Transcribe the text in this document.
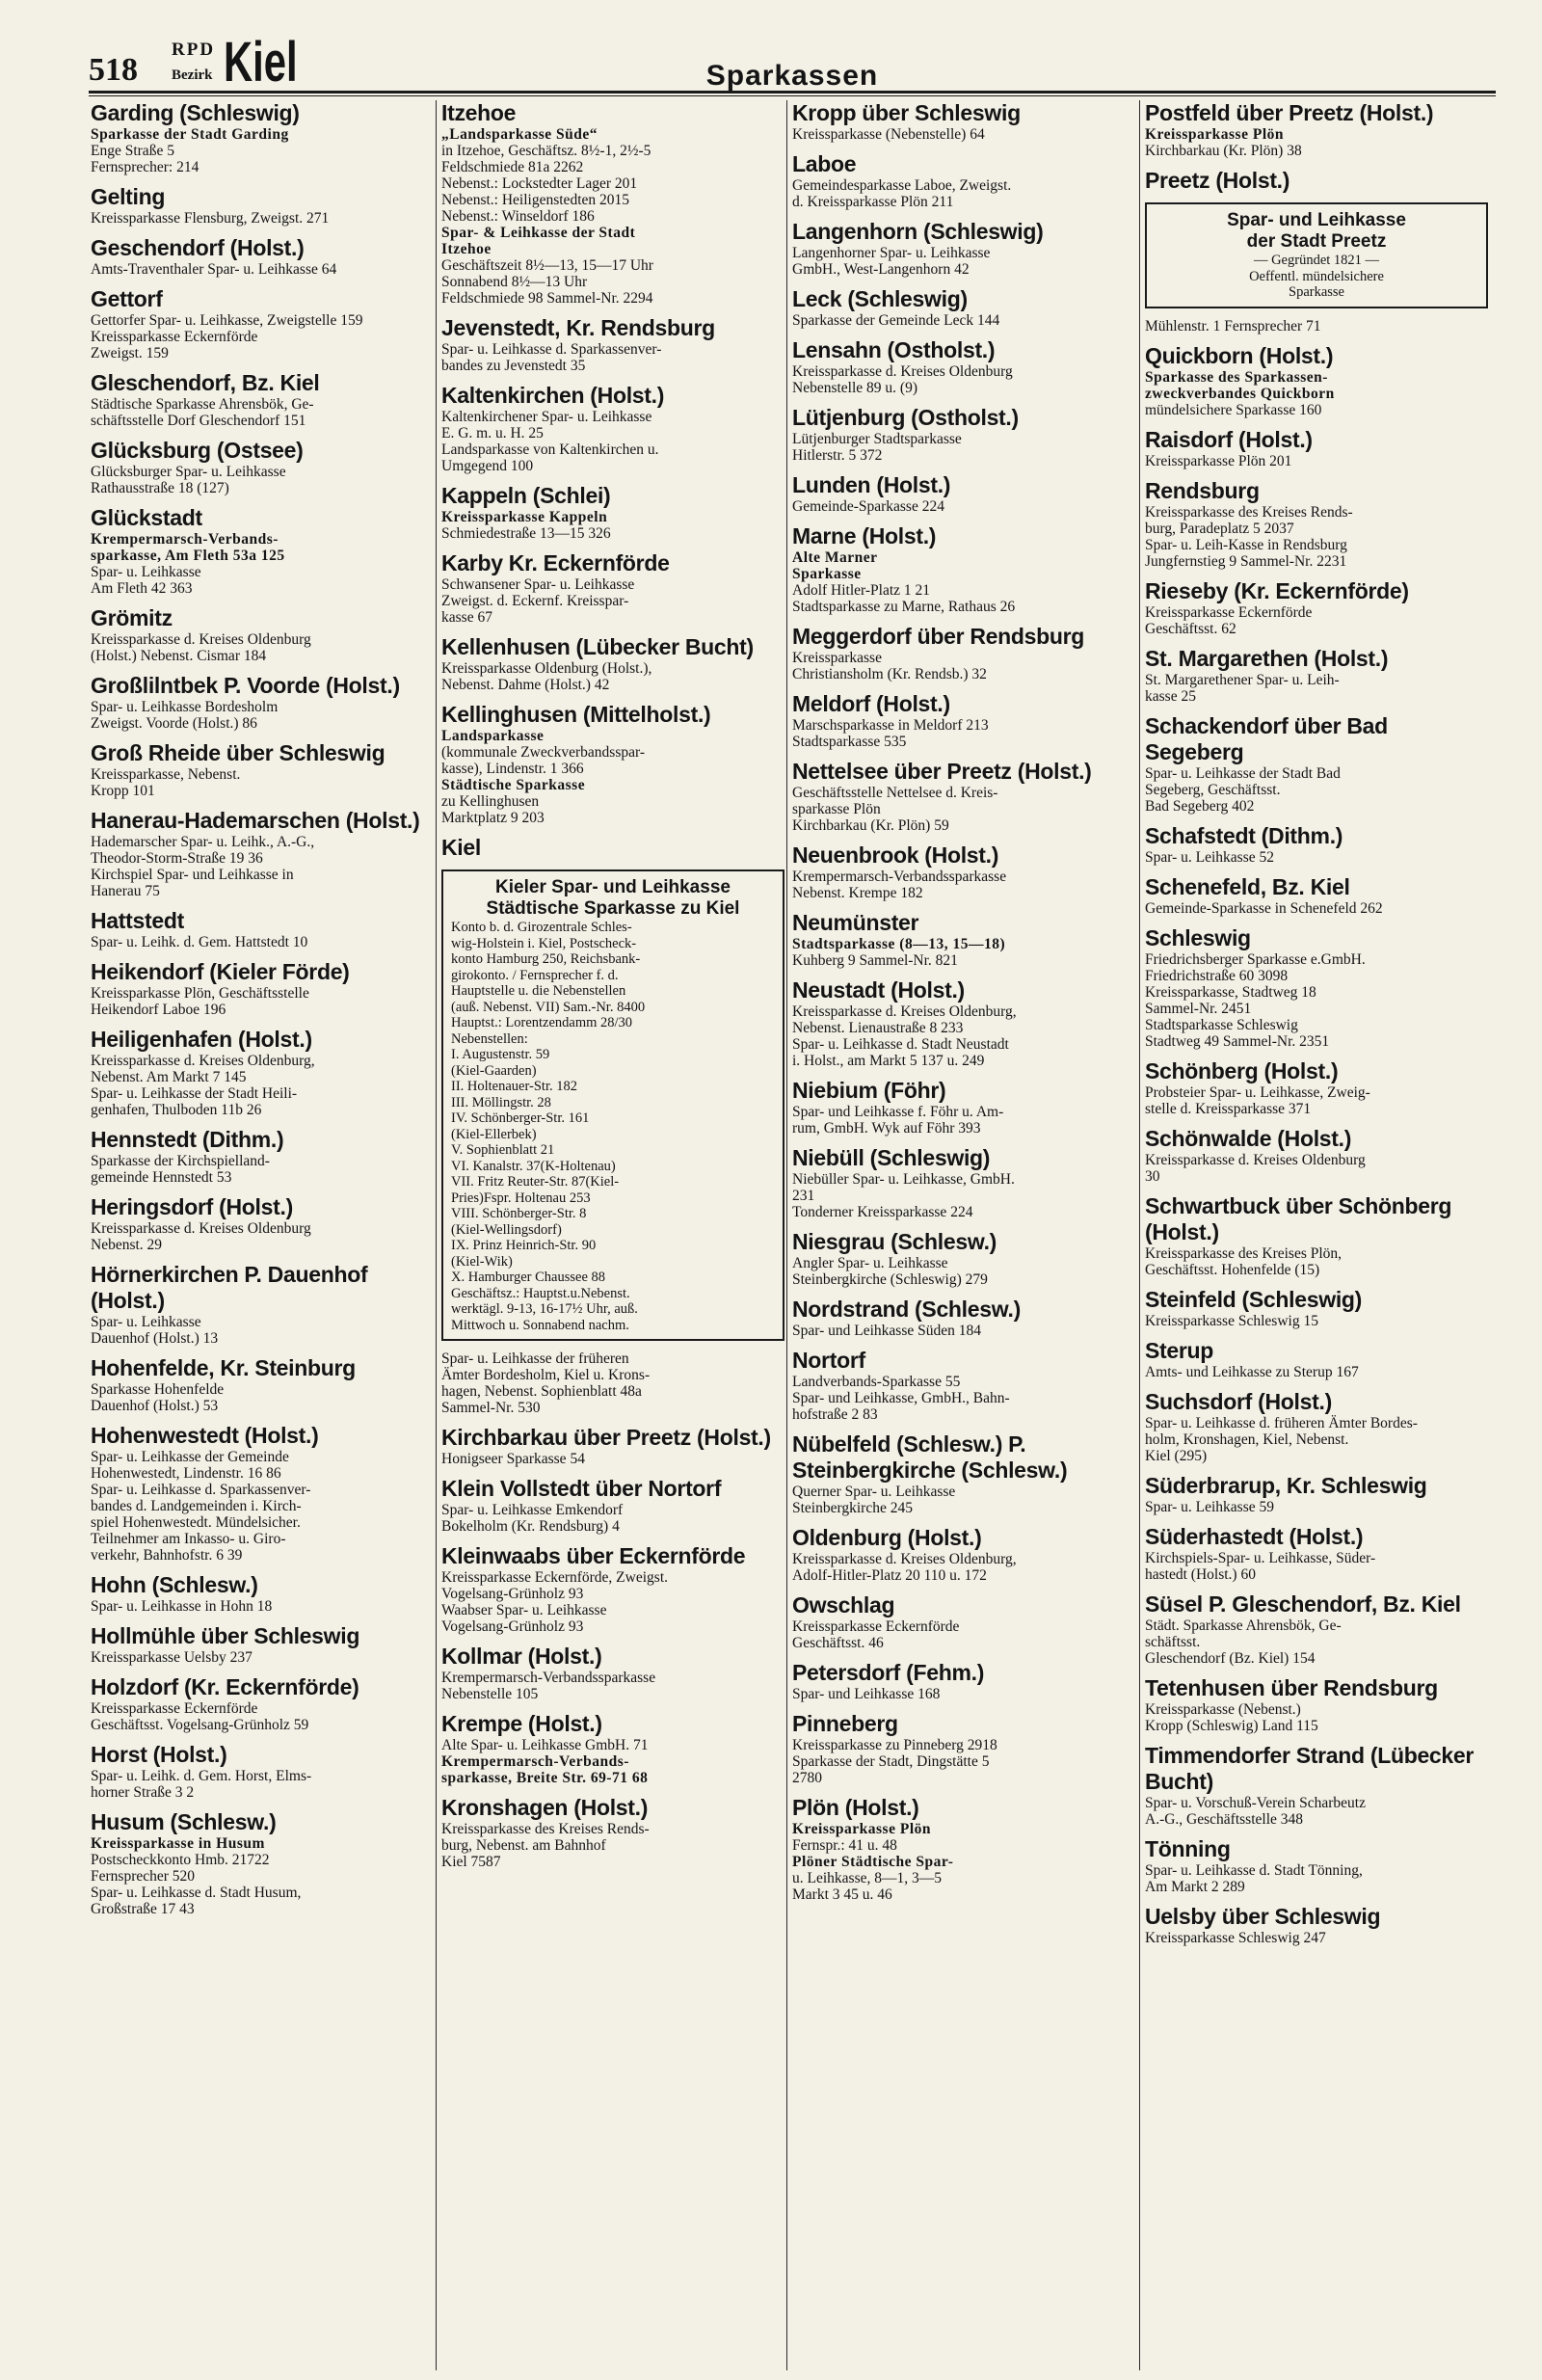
518
RPD
Bezirk Kiel	Sparkassen
Garding (Schleswig)
Sparkasse der Stadt Garding
Enge Straße 5
Fernsprecher: 214
Gelting
Kreissparkasse Flensburg, Zweigst. 271
Geschendorf (Holst.)
Amts-Traventhaler Spar- u. Leihkasse 64
Gettorf
Gettorfer Spar- u. Leihkasse, Zweigstelle 159
Kreissparkasse Eckernförde
Zweigst. 159
Gleschendorf, Bz. Kiel
Städtische Sparkasse Ahrensbök, Ge-
schäftsstelle Dorf Gleschendorf 151
Glücksburg (Ostsee)
Glücksburger Spar- u. Leihkasse
Rathausstraße 18 (127)
Glückstadt
Krempermarsch-Verbands-
sparkasse, Am Fleth 53a 125
Spar- u. Leihkasse
Am Fleth 42 363
Grömitz
Kreissparkasse d. Kreises Oldenburg
(Holst.) Nebenst. Cismar 184
Großlilntbek P. Voorde (Holst.)
Spar- u. Leihkasse Bordesholm
Zweigst. Voorde (Holst.) 86
Groß Rheide über Schleswig
Kreissparkasse, Nebenst.
Kropp 101
Hanerau-Hademarschen (Holst.)
Hademarscher Spar- u. Leihk., A.-G.,
Theodor-Storm-Straße 19 36
Kirchspiel Spar- und Leihkasse in
Hanerau 75
Hattstedt
Spar- u. Leihk. d. Gem. Hattstedt 10
Heikendorf (Kieler Förde)
Kreissparkasse Plön, Geschäftsstelle
Heikendorf Laboe 196
Heiligenhafen (Holst.)
Kreissparkasse d. Kreises Oldenburg,
Nebenst. Am Markt 7 145
Spar- u. Leihkasse der Stadt Heili-
genhafen, Thulboden 11b 26
Hennstedt (Dithm.)
Sparkasse der Kirchspielland-
gemeinde Hennstedt 53
Heringsdorf (Holst.)
Kreissparkasse d. Kreises Oldenburg
Nebenst. 29
Hörnerkirchen P. Dauenhof (Holst.)
Spar- u. Leihkasse
Dauenhof (Holst.) 13
Hohenfelde, Kr. Steinburg
Sparkasse Hohenfelde
Dauenhof (Holst.) 53
Hohenwestedt (Holst.)
Spar- u. Leihkasse der Gemeinde
Hohenwestedt, Lindenstr. 16 86
Spar- u. Leihkasse d. Sparkassenver-
bandes d. Landgemeinden i. Kirch-
spiel Hohenwestedt. Mündelsicher.
Teilnehmer am Inkasso- u. Giro-
verkehr, Bahnhofstr. 6 39
Hohn (Schlesw.)
Spar- u. Leihkasse in Hohn 18
Hollmühle über Schleswig
Kreissparkasse Uelsby 237
Holzdorf (Kr. Eckernförde)
Kreissparkasse Eckernförde
Geschäftsst. Vogelsang-Grünholz 59
Horst (Holst.)
Spar- u. Leihk. d. Gem. Horst, Elms-
horner Straße 3 2
Husum (Schlesw.)
Kreissparkasse in Husum
Postscheckkonto Hmb. 21722
Fernsprecher 520
Spar- u. Leihkasse d. Stadt Husum,
Großstraße 17 43
Itzehoe
„Landsparkasse Süde“
in Itzehoe, Geschäftsz. 8½-1, 2½-5
Feldschmiede 81a 2262
Nebenst.: Lockstedter Lager 201
Nebenst.: Heiligenstedten 2015
Nebenst.: Winseldorf 186
Spar- & Leihkasse der Stadt
Itzehoe
Geschäftszeit 8½—13, 15—17 Uhr
Sonnabend 8½—13 Uhr
Feldschmiede 98 Sammel-Nr. 2294
Jevenstedt, Kr. Rendsburg
Spar- u. Leihkasse d. Sparkassenver-
bandes zu Jevenstedt 35
Kaltenkirchen (Holst.)
Kaltenkirchener Spar- u. Leihkasse
E. G. m. u. H. 25
Landsparkasse von Kaltenkirchen u.
Umgegend 100
Kappeln (Schlei)
Kreissparkasse Kappeln
Schmiedestraße 13—15 326
Karby Kr. Eckernförde
Schwansener Spar- u. Leihkasse
Zweigst. d. Eckernf. Kreisspar-
kasse 67
Kellenhusen (Lübecker Bucht)
Kreissparkasse Oldenburg (Holst.),
Nebenst. Dahme (Holst.) 42
Kellinghusen (Mittelholst.)
Landsparkasse
(kommunale Zweckverbandsspar-
kasse), Lindenstr. 1 366
Städtische Sparkasse
zu Kellinghusen
Marktplatz 9 203
Kiel
Kieler Spar- und Leihkasse
Städtische Sparkasse zu Kiel
Konto b. d. Girozentrale Schles-
wig-Holstein i. Kiel, Postscheck-
konto Hamburg 250, Reichsbank-
girokonto. / Fernsprecher f. d.
Hauptstelle u. die Nebenstellen
(auß. Nebenst. VII) Sam.-Nr. 8400
Hauptst.: Lorentzendamm 28/30
Nebenstellen:
I. Augustenstr. 59
(Kiel-Gaarden)
II. Holtenauer-Str. 182
III. Möllingstr. 28
IV. Schönberger-Str. 161
(Kiel-Ellerbek)
V. Sophienblatt 21
VI. Kanalstr. 37(K-Holtenau)
VII. Fritz Reuter-Str. 87(Kiel-
Pries)Fspr. Holtenau 253
VIII. Schönberger-Str. 8
(Kiel-Wellingsdorf)
IX. Prinz Heinrich-Str. 90
(Kiel-Wik)
X. Hamburger Chaussee 88
Geschäftsz.: Hauptst.u.Nebenst.
werktägl. 9-13, 16-17½ Uhr, auß.
Mittwoch u. Sonnabend nachm.
Spar- u. Leihkasse der früheren
Ämter Bordesholm, Kiel u. Krons-
hagen, Nebenst. Sophienblatt 48a
Sammel-Nr. 530
Kirchbarkau über Preetz (Holst.)
Honigseer Sparkasse 54
Klein Vollstedt über Nortorf
Spar- u. Leihkasse Emkendorf
Bokelholm (Kr. Rendsburg) 4
Kleinwaabs über Eckernförde
Kreissparkasse Eckernförde, Zweigst.
Vogelsang-Grünholz 93
Waabser Spar- u. Leihkasse
Vogelsang-Grünholz 93
Kollmar (Holst.)
Krempermarsch-Verbandssparkasse
Nebenstelle 105
Krempe (Holst.)
Alte Spar- u. Leihkasse GmbH. 71
Krempermarsch-Verbands-
sparkasse, Breite Str. 69-71 68
Kronshagen (Holst.)
Kreissparkasse des Kreises Rends-
burg, Nebenst. am Bahnhof
Kiel 7587
Kropp über Schleswig
Kreissparkasse (Nebenstelle) 64
Laboe
Gemeindesparkasse Laboe, Zweigst.
d. Kreissparkasse Plön 211
Langenhorn (Schleswig)
Langenhorner Spar- u. Leihkasse
GmbH., West-Langenhorn 42
Leck (Schleswig)
Sparkasse der Gemeinde Leck 144
Lensahn (Ostholst.)
Kreissparkasse d. Kreises Oldenburg
Nebenstelle 89 u. (9)
Lütjenburg (Ostholst.)
Lütjenburger Stadtsparkasse
Hitlerstr. 5 372
Lunden (Holst.)
Gemeinde-Sparkasse 224
Marne (Holst.)
Alte Marner
Sparkasse
Adolf Hitler-Platz 1 21
Stadtsparkasse zu Marne, Rathaus 26
Meggerdorf über Rendsburg
Kreissparkasse
Christiansholm (Kr. Rendsb.) 32
Meldorf (Holst.)
Marschsparkasse in Meldorf 213
Stadtsparkasse 535
Nettelsee über Preetz (Holst.)
Geschäftsstelle Nettelsee d. Kreis-
sparkasse Plön
Kirchbarkau (Kr. Plön) 59
Neuenbrook (Holst.)
Krempermarsch-Verbandssparkasse
Nebenst. Krempe 182
Neumünster
Stadtsparkasse (8—13, 15—18)
Kuhberg 9 Sammel-Nr. 821
Neustadt (Holst.)
Kreissparkasse d. Kreises Oldenburg,
Nebenst. Lienaustraße 8 233
Spar- u. Leihkasse d. Stadt Neustadt
i. Holst., am Markt 5 137 u. 249
Niebium (Föhr)
Spar- und Leihkasse f. Föhr u. Am-
rum, GmbH. Wyk auf Föhr 393
Niebüll (Schleswig)
Niebüller Spar- u. Leihkasse, GmbH.
231
Tonderner Kreissparkasse 224
Niesgrau (Schlesw.)
Angler Spar- u. Leihkasse
Steinbergkirche (Schleswig) 279
Nordstrand (Schlesw.)
Spar- und Leihkasse Süden 184
Nortorf
Landverbands-Sparkasse 55
Spar- und Leihkasse, GmbH., Bahn-
hofstraße 2 83
Nübelfeld (Schlesw.) P. Steinbergkirche (Schlesw.)
Querner Spar- u. Leihkasse
Steinbergkirche 245
Oldenburg (Holst.)
Kreissparkasse d. Kreises Oldenburg,
Adolf-Hitler-Platz 20 110 u. 172
Owschlag
Kreissparkasse Eckernförde
Geschäftsst. 46
Petersdorf (Fehm.)
Spar- und Leihkasse 168
Pinneberg
Kreissparkasse zu Pinneberg 2918
Sparkasse der Stadt, Dingstätte 5
2780
Plön (Holst.)
Kreissparkasse Plön
Fernspr.: 41 u. 48
Plöner Städtische Spar-
u. Leihkasse, 8—1, 3—5
Markt 3 45 u. 46
Postfeld über Preetz (Holst.)
Kreissparkasse Plön
Kirchbarkau (Kr. Plön) 38
Preetz (Holst.)
Spar- und Leihkasse
der Stadt Preetz
— Gegründet 1821 —
Oeffentl. mündelsichere
Sparkasse
Mühlenstr. 1 Fernsprecher 71
Quickborn (Holst.)
Sparkasse des Sparkassen-
zweckverbandes Quickborn
mündelsichere Sparkasse 160
Raisdorf (Holst.)
Kreissparkasse Plön 201
Rendsburg
Kreissparkasse des Kreises Rends-
burg, Paradeplatz 5 2037
Spar- u. Leih-Kasse in Rendsburg
Jungfernstieg 9 Sammel-Nr. 2231
Rieseby (Kr. Eckernförde)
Kreissparkasse Eckernförde
Geschäftsst. 62
St. Margarethen (Holst.)
St. Margarethener Spar- u. Leih-
kasse 25
Schackendorf über Bad Segeberg
Spar- u. Leihkasse der Stadt Bad
Segeberg, Geschäftsst.
Bad Segeberg 402
Schafstedt (Dithm.)
Spar- u. Leihkasse 52
Schenefeld, Bz. Kiel
Gemeinde-Sparkasse in Schenefeld 262
Schleswig
Friedrichsberger Sparkasse e.GmbH.
Friedrichstraße 60 3098
Kreissparkasse, Stadtweg 18
Sammel-Nr. 2451
Stadtsparkasse Schleswig
Stadtweg 49 Sammel-Nr. 2351
Schönberg (Holst.)
Probsteier Spar- u. Leihkasse, Zweig-
stelle d. Kreissparkasse 371
Schönwalde (Holst.)
Kreissparkasse d. Kreises Oldenburg
30
Schwartbuck über Schönberg (Holst.)
Kreissparkasse des Kreises Plön,
Geschäftsst. Hohenfelde (15)
Steinfeld (Schleswig)
Kreissparkasse Schleswig 15
Sterup
Amts- und Leihkasse zu Sterup 167
Suchsdorf (Holst.)
Spar- u. Leihkasse d. früheren Ämter Bordes-
holm, Kronshagen, Kiel, Nebenst.
Kiel (295)
Süderbrarup, Kr. Schleswig
Spar- u. Leihkasse 59
Süderhastedt (Holst.)
Kirchspiels-Spar- u. Leihkasse, Süder-
hastedt (Holst.) 60
Süsel P. Gleschendorf, Bz. Kiel
Städt. Sparkasse Ahrensbök, Ge-
schäftsst.
Gleschendorf (Bz. Kiel) 154
Tetenhusen über Rendsburg
Kreissparkasse (Nebenst.)
Kropp (Schleswig) Land 115
Timmendorfer Strand (Lübecker Bucht)
Spar- u. Vorschuß-Verein Scharbeutz
A.-G., Geschäftsstelle 348
Tönning
Spar- u. Leihkasse d. Stadt Tönning,
Am Markt 2 289
Uelsby über Schleswig
Kreissparkasse Schleswig 247
